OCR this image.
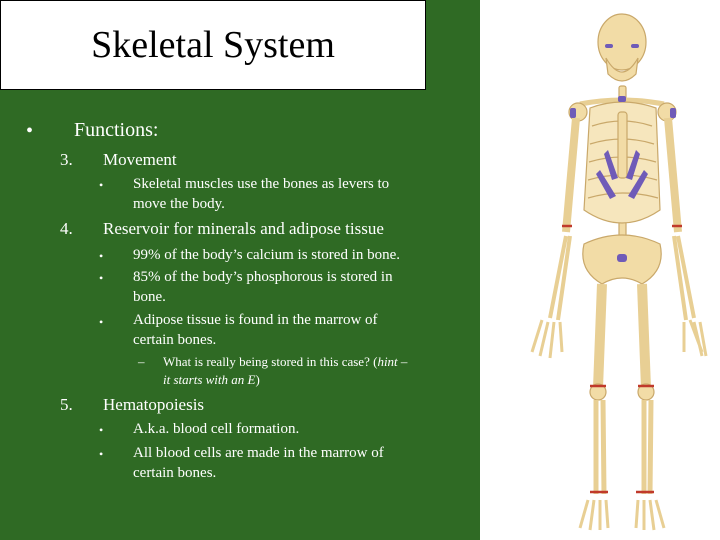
Skeletal System
• Functions:
3. Movement
• Skeletal muscles use the bones as levers to
move the body.
4. Reservoir for minerals and adipose tissue
• 99% of the body’s calcium is stored in bone.
• 85% of the body’s phosphorous is stored in
bone.
• Adipose tissue is found in the marrow of
certain bones.
– What is really being stored in this case? (hint –
it starts with an E)
5. Hematopoiesis
• A.k.a. blood cell formation.
• All blood cells are made in the marrow of
certain bones.
